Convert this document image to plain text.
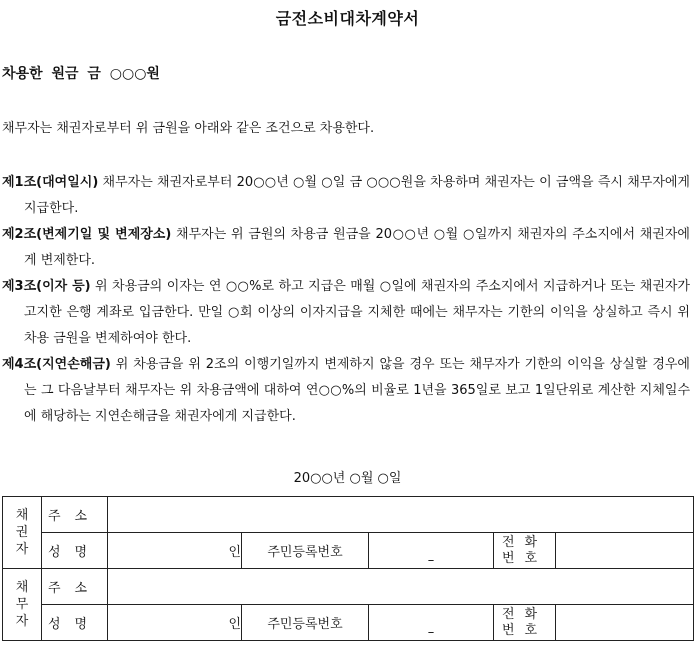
금전소비대차계약서
차용한 원금 금 ○○○원
채무자는 채권자로부터 위 금원을 아래와 같은 조건으로 차용한다.

제1조(대여일시) 채무자는 채권자로부터 20○○년 ○월 ○일 금 ○○○원을 차용하며 채권자는 이 금액을 즉시 채무자에게 지급한다.

제2조(변제기일 및 변제장소) 채무자는 위 금원의 차용금 원금을 20○○년 ○월 ○일까지 채권자의 주소지에서 채권자에게 변제한다.

제3조(이자 등) 위 차용금의 이자는 연 ○○%로 하고 지급은 매월 ○일에 채권자의 주소지에서 지급하거나 또는 채권자가 고지한 은행 계좌로 입금한다. 만일 ○회 이상의 이자지급을 지체한 때에는 채무자는 기한의 이익을 상실하고 즉시 위 차용 금원을 변제하여야 한다.

제4조(지연손해금) 위 차용금을 위 2조의 이행기일까지 변제하지 않을 경우 또는 채무자가 기한의 이익을 상실할 경우에는 그 다음날부터 채무자는 위 차용금액에 대하여 연○○%의 비율로 1년을 365일로 보고 1일단위로 계산한 지체일수에 해당하는 지연손해금을 채권자에게 지급한다.

20○○년 ○월 ○일
채
권
자	주소					
	성명	인	주민등록번호	–	전화
번호	

채
무
자	주소					
	성명	인	주민등록번호	–	전화
번호	
